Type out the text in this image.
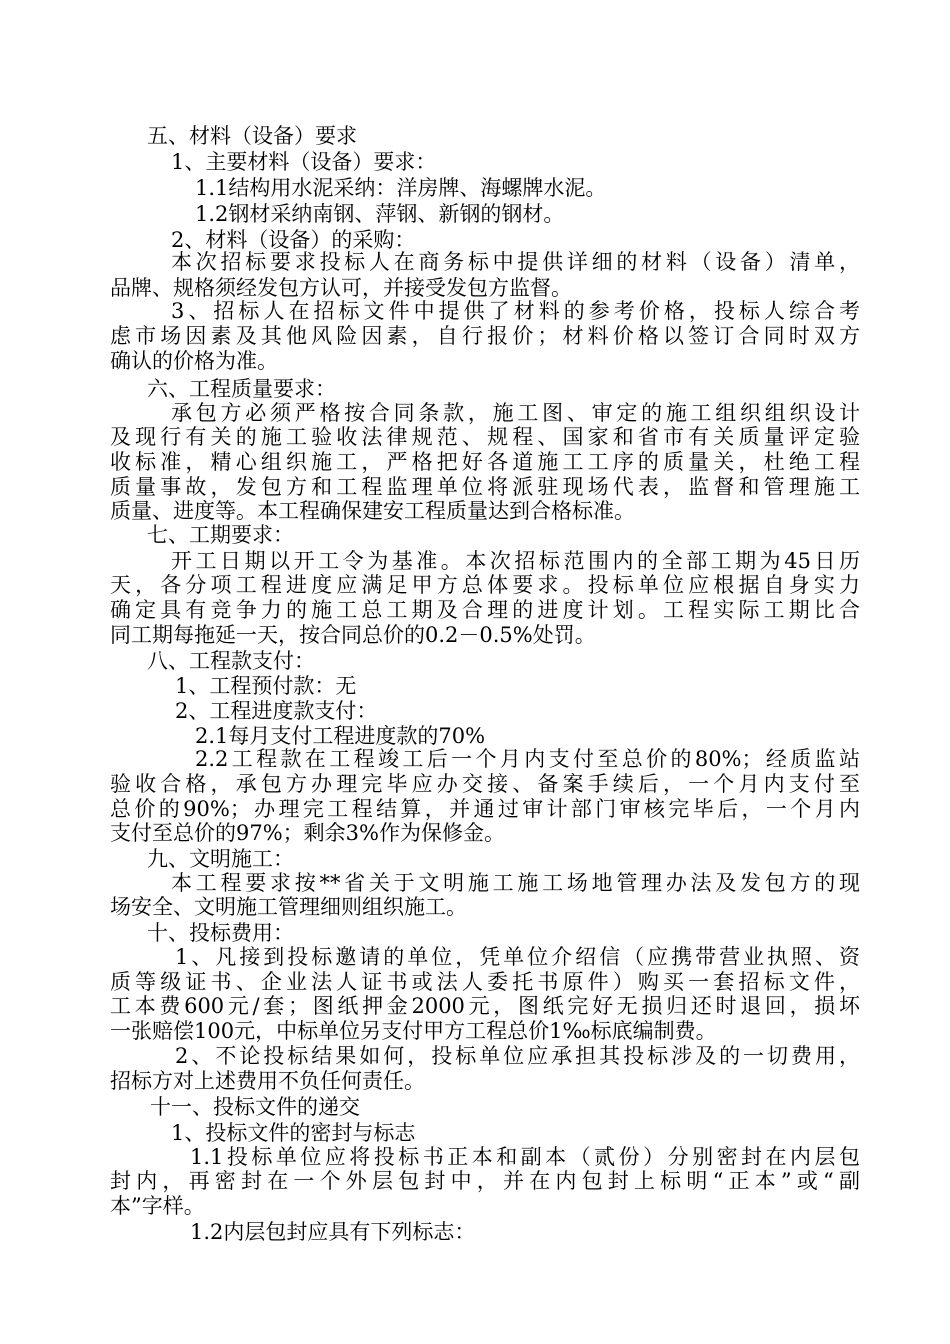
五、材料（设备）要求
1、主要材料（设备）要求：
1.1结构用水泥采纳：洋房牌、海螺牌水泥。
1.2钢材采纳南钢、萍钢、新钢的钢材。
2、材料（设备）的采购：
本次招标要求投标人在商务标中提供详细的材料（设备）清单，
品牌、规格须经发包方认可，并接受发包方监督。
3、招标人在招标文件中提供了材料的参考价格，投标人综合考
虑市场因素及其他风险因素，自行报价；材料价格以签订合同时双方
确认的价格为准。
六、工程质量要求：
承包方必须严格按合同条款，施工图、审定的施工组织组织设计
及现行有关的施工验收法律规范、规程、国家和省市有关质量评定验
收标准，精心组织施工，严格把好各道施工工序的质量关，杜绝工程
质量事故，发包方和工程监理单位将派驻现场代表，监督和管理施工
质量、进度等。本工程确保建安工程质量达到合格标准。
七、工期要求：
开工日期以开工令为基准。本次招标范围内的全部工期为45日历
天，各分项工程进度应满足甲方总体要求。投标单位应根据自身实力
确定具有竞争力的施工总工期及合理的进度计划。工程实际工期比合
同工期每拖延一天，按合同总价的0.2－0.5%处罚。
八、工程款支付：
1、工程预付款：无
2、工程进度款支付：
2.1每月支付工程进度款的70%
2.2工程款在工程竣工后一个月内支付至总价的80%；经质监站
验收合格，承包方办理完毕应办交接、备案手续后，一个月内支付至
总价的90%；办理完工程结算，并通过审计部门审核完毕后，一个月内
支付至总价的97%；剩余3%作为保修金。
九、文明施工：
本工程要求按**省关于文明施工施工场地管理办法及发包方的现
场安全、文明施工管理细则组织施工。
十、投标费用：
1、凡接到投标邀请的单位，凭单位介绍信（应携带营业执照、资
质等级证书、企业法人证书或法人委托书原件）购买一套招标文件，
工本费600元/套；图纸押金2000元，图纸完好无损归还时退回，损坏
一张赔偿100元，中标单位另支付甲方工程总价1‰标底编制费。
2、不论投标结果如何，投标单位应承担其投标涉及的一切费用，
招标方对上述费用不负任何责任。
十一、投标文件的递交
1、投标文件的密封与标志
1.1投标单位应将投标书正本和副本（贰份）分别密封在内层包
封内，再密封在一个外层包封中，并在内包封上标明“正本”或“副
本”字样。
1.2内层包封应具有下列标志：
